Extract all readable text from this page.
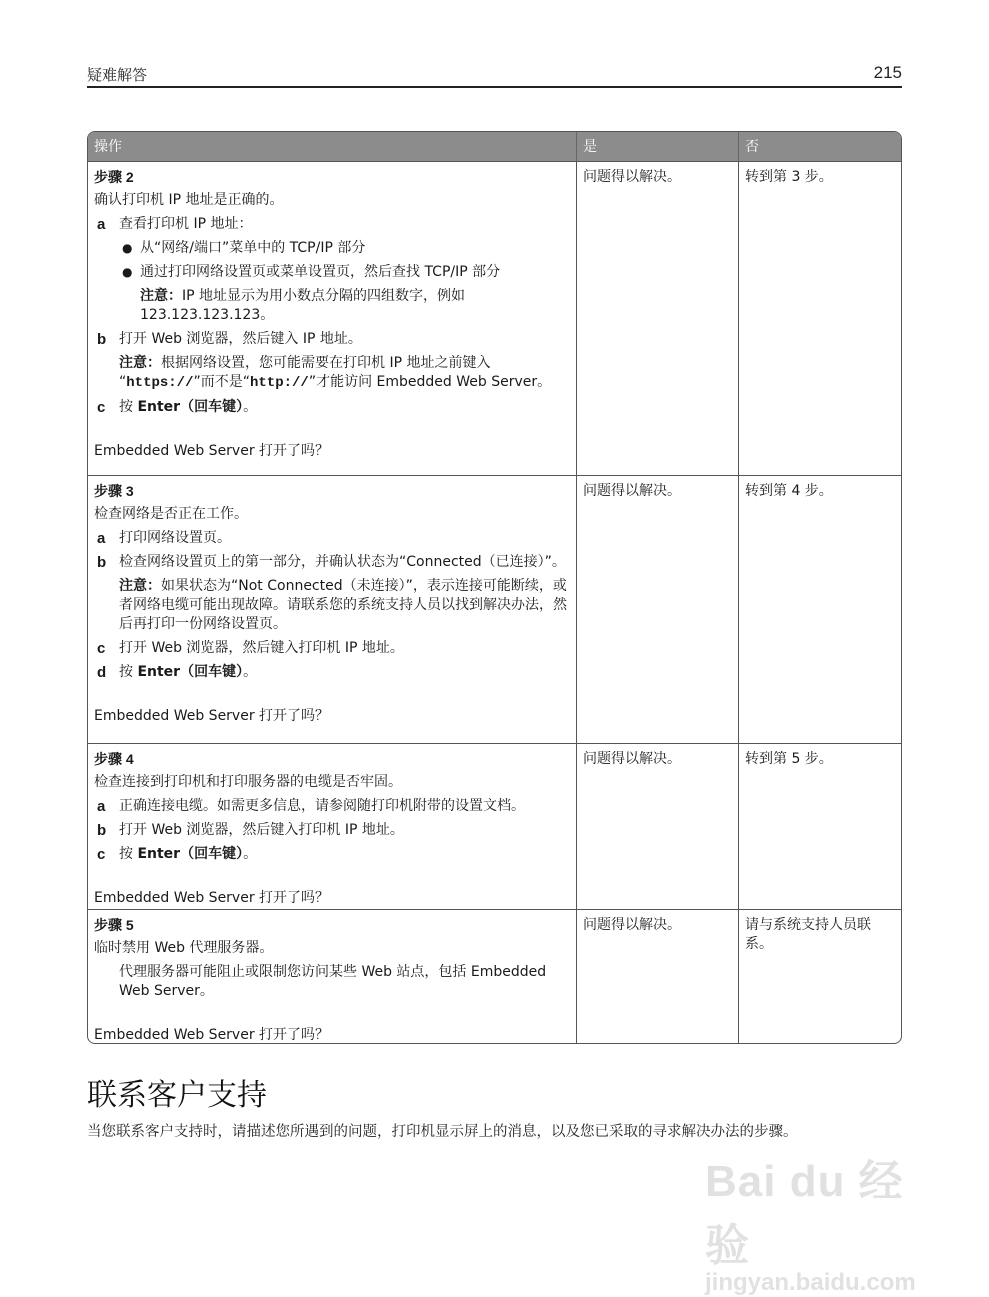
疑难解答	215
操作	是	否
步骤 2
确认打印机 IP 地址是正确的。
a 查看打印机 IP 地址：
● 从“网络/端口”菜单中的 TCP/IP 部分
● 通过打印网络设置页或菜单设置页，然后查找 TCP/IP 部分
注意：IP 地址显示为用小数点分隔的四组数字，例如 123.123.123.123。
b 打开 Web 浏览器，然后键入 IP 地址。
注意：根据网络设置，您可能需要在打印机 IP 地址之前键入 “https://”而不是“http://”才能访问 Embedded Web Server。
c 按 Enter（回车键）。
Embedded Web Server 打开了吗？
问题得以解决。	转到第 3 步。
步骤 3
检查网络是否正在工作。
a 打印网络设置页。
b 检查网络设置页上的第一部分，并确认状态为“Connected（已连接）”。
注意：如果状态为“Not Connected（未连接）”，表示连接可能断续，或者网络电缆可能出现故障。请联系您的系统支持人员以找到解决办法，然后再打印一份网络设置页。
c 打开 Web 浏览器，然后键入打印机 IP 地址。
d 按 Enter（回车键）。
Embedded Web Server 打开了吗？
问题得以解决。	转到第 4 步。
步骤 4
检查连接到打印机和打印服务器的电缆是否牢固。
a 正确连接电缆。如需更多信息，请参阅随打印机附带的设置文档。
b 打开 Web 浏览器，然后键入打印机 IP 地址。
c 按 Enter（回车键）。
Embedded Web Server 打开了吗？
问题得以解决。	转到第 5 步。
步骤 5
临时禁用 Web 代理服务器。
代理服务器可能阻止或限制您访问某些 Web 站点，包括 Embedded Web Server。
Embedded Web Server 打开了吗？
问题得以解决。	请与系统支持人员联系。
联系客户支持
当您联系客户支持时，请描述您所遇到的问题，打印机显示屏上的消息，以及您已采取的寻求解决办法的步骤。
Bai du 经验
jingyan.baidu.com
